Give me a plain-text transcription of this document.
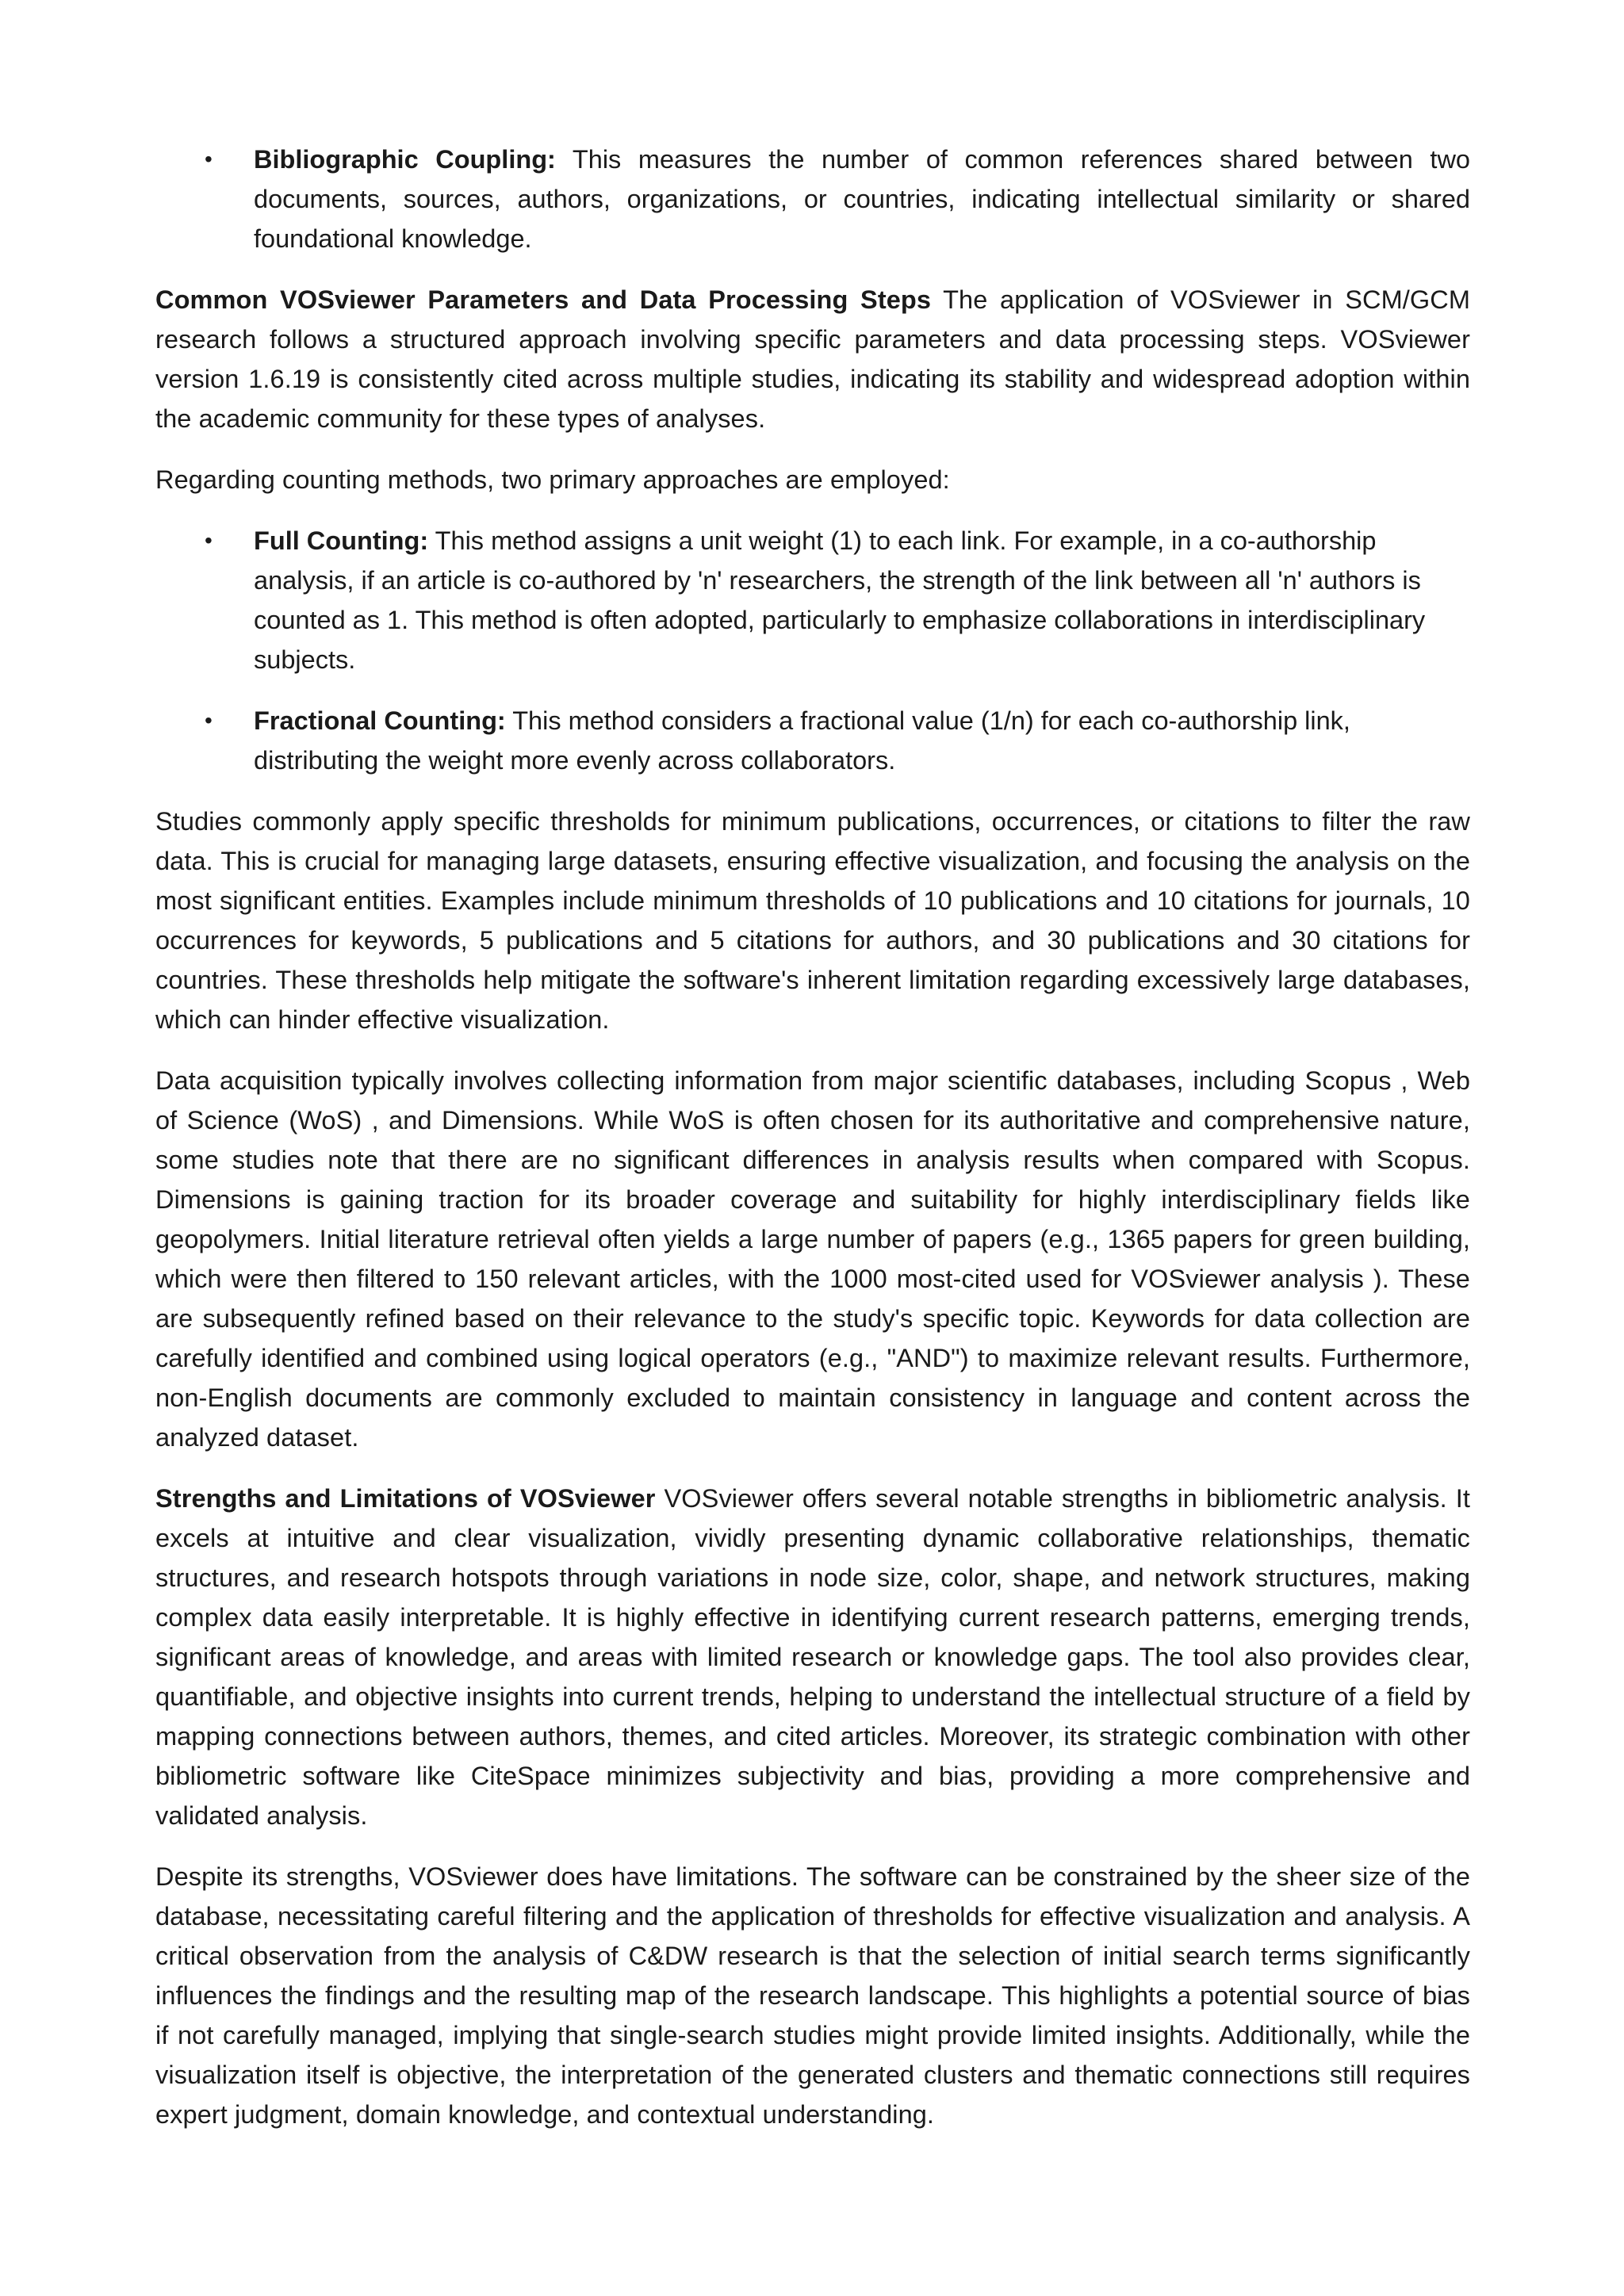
• Bibliographic Coupling: This measures the number of common references shared between two documents, sources, authors, organizations, or countries, indicating intellectual similarity or shared foundational knowledge.

Common VOSviewer Parameters and Data Processing Steps The application of VOSviewer in SCM/GCM research follows a structured approach involving specific parameters and data processing steps. VOSviewer version 1.6.19 is consistently cited across multiple studies, indicating its stability and widespread adoption within the academic community for these types of analyses.

Regarding counting methods, two primary approaches are employed:

• Full Counting: This method assigns a unit weight (1) to each link. For example, in a co-authorship analysis, if an article is co-authored by 'n' researchers, the strength of the link between all 'n' authors is counted as 1. This method is often adopted, particularly to emphasize collaborations in interdisciplinary subjects.
• Fractional Counting: This method considers a fractional value (1/n) for each co-authorship link, distributing the weight more evenly across collaborators.

Studies commonly apply specific thresholds for minimum publications, occurrences, or citations to filter the raw data. This is crucial for managing large datasets, ensuring effective visualization, and focusing the analysis on the most significant entities. Examples include minimum thresholds of 10 publications and 10 citations for journals, 10 occurrences for keywords, 5 publications and 5 citations for authors, and 30 publications and 30 citations for countries. These thresholds help mitigate the software's inherent limitation regarding excessively large databases, which can hinder effective visualization.

Data acquisition typically involves collecting information from major scientific databases, including Scopus , Web of Science (WoS) , and Dimensions. While WoS is often chosen for its authoritative and comprehensive nature, some studies note that there are no significant differences in analysis results when compared with Scopus. Dimensions is gaining traction for its broader coverage and suitability for highly interdisciplinary fields like geopolymers. Initial literature retrieval often yields a large number of papers (e.g., 1365 papers for green building, which were then filtered to 150 relevant articles, with the 1000 most-cited used for VOSviewer analysis ). These are subsequently refined based on their relevance to the study's specific topic. Keywords for data collection are carefully identified and combined using logical operators (e.g., "AND") to maximize relevant results. Furthermore, non-English documents are commonly excluded to maintain consistency in language and content across the analyzed dataset.

Strengths and Limitations of VOSviewer VOSviewer offers several notable strengths in bibliometric analysis. It excels at intuitive and clear visualization, vividly presenting dynamic collaborative relationships, thematic structures, and research hotspots through variations in node size, color, shape, and network structures, making complex data easily interpretable. It is highly effective in identifying current research patterns, emerging trends, significant areas of knowledge, and areas with limited research or knowledge gaps. The tool also provides clear, quantifiable, and objective insights into current trends, helping to understand the intellectual structure of a field by mapping connections between authors, themes, and cited articles. Moreover, its strategic combination with other bibliometric software like CiteSpace minimizes subjectivity and bias, providing a more comprehensive and validated analysis.

Despite its strengths, VOSviewer does have limitations. The software can be constrained by the sheer size of the database, necessitating careful filtering and the application of thresholds for effective visualization and analysis. A critical observation from the analysis of C&DW research is that the selection of initial search terms significantly influences the findings and the resulting map of the research landscape. This highlights a potential source of bias if not carefully managed, implying that single-search studies might provide limited insights. Additionally, while the visualization itself is objective, the interpretation of the generated clusters and thematic connections still requires expert judgment, domain knowledge, and contextual understanding.
